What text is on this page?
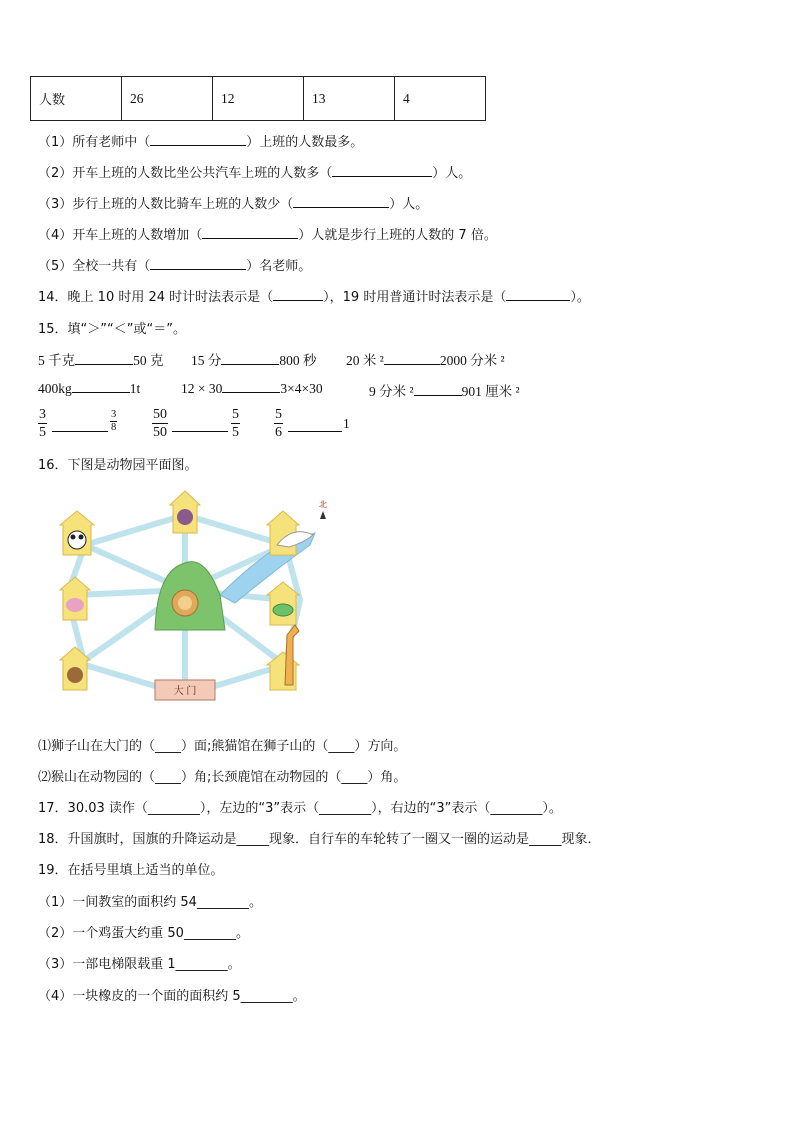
人数	26	12	13	4
（1）所有老师中（	）上班的人数最多。
（2）开车上班的人数比坐公共汽车上班的人数多（	）人。
（3）步行上班的人数比骑车上班的人数少（	）人。
（4）开车上班的人数增加（	）人就是步行上班的人数的 7 倍。
（5）全校一共有（	）名老师。
14．晚上 10 时用 24 时计时法表示是（	），19 时用普通计时法表示是（	）。
15．填“＞”“＜”或“＝”。
5 千克	50 克 15 分	800 秒 20 米 ²	2000 分米 ²
400kg	1t	12 × 30	3×4×30	9 分米 ²	901 厘米 ²
$\frac{3}{5}$	$\frac{3}{8} \frac{50}{50}$	$\frac{5}{5} \frac{5}{6}$	1
16．下图是动物园平面图。
大 门
北
⑴狮子山在大门的（____）面;熊猫馆在狮子山的（____）方向。
⑵猴山在动物园的（____）角;长颈鹿馆在动物园的（____）角。
17．30.03 读作（________），左边的“3”表示（________），右边的“3”表示（________）。
18．升国旗时，国旗的升降运动是_____现象．自行车的车轮转了一圈又一圈的运动是_____现象．
19．在括号里填上适当的单位。
（1）一间教室的面积约 54________。
（2）一个鸡蛋大约重 50________。
（3）一部电梯限载重 1________。
（4）一块橡皮的一个面的面积约 5________。
